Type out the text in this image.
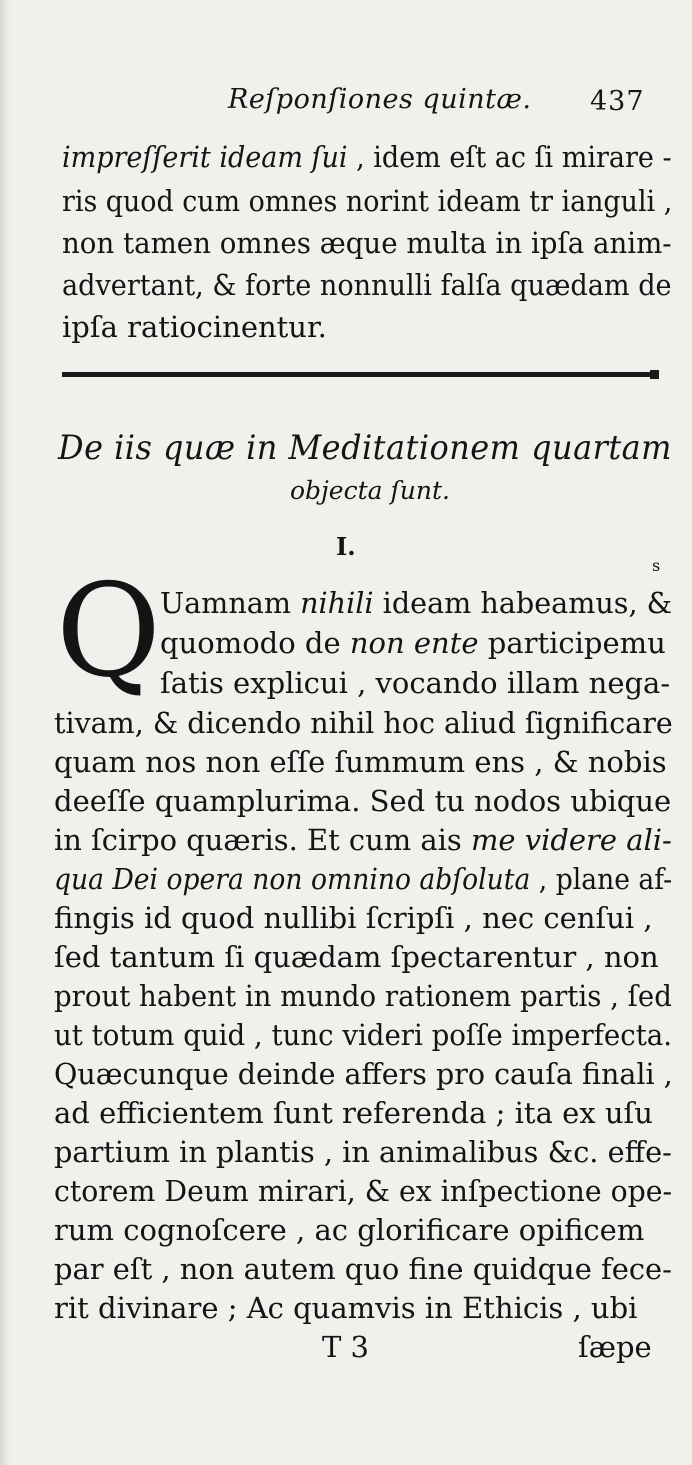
Reſponſiones quintæ. 437
impreſſerit ideam ſui , idem eſt ac ſi mirare -
ris quod cum omnes norint ideam tr ianguli ,
non tamen omnes æque multa in ipſa anim-
advertant, & forte nonnulli falſa quædam de
ipſa ratiocinentur.
De iis quæ in Meditationem quartam
objecta ſunt.
I.
s
Q Uamnam nihili ideam habeamus, &
quomodo de non ente participemu
ſatis explicui , vocando illam nega-
tivam, & dicendo nihil hoc aliud ſignificare
quam nos non eſſe ſummum ens , & nobis
deeſſe quamplurima. Sed tu nodos ubique
in ſcirpo quæris. Et cum ais me videre ali-
qua Dei opera non omnino abſoluta , plane af-
fingis id quod nullibi ſcripſi , nec cenſui ,
ſed tantum ſi quædam ſpectarentur , non
prout habent in mundo rationem partis , ſed
ut totum quid , tunc videri poſſe imperfecta.
Quæcunque deinde affers pro cauſa finali ,
ad efficientem ſunt referenda ; ita ex uſu
partium in plantis , in animalibus &c. effe-
ctorem Deum mirari, & ex inſpectione ope-
rum cognoſcere , ac glorificare opificem
par eſt , non autem quo fine quidque fece-
rit divinare ; Ac quamvis in Ethicis , ubi
T 3	ſæpe
